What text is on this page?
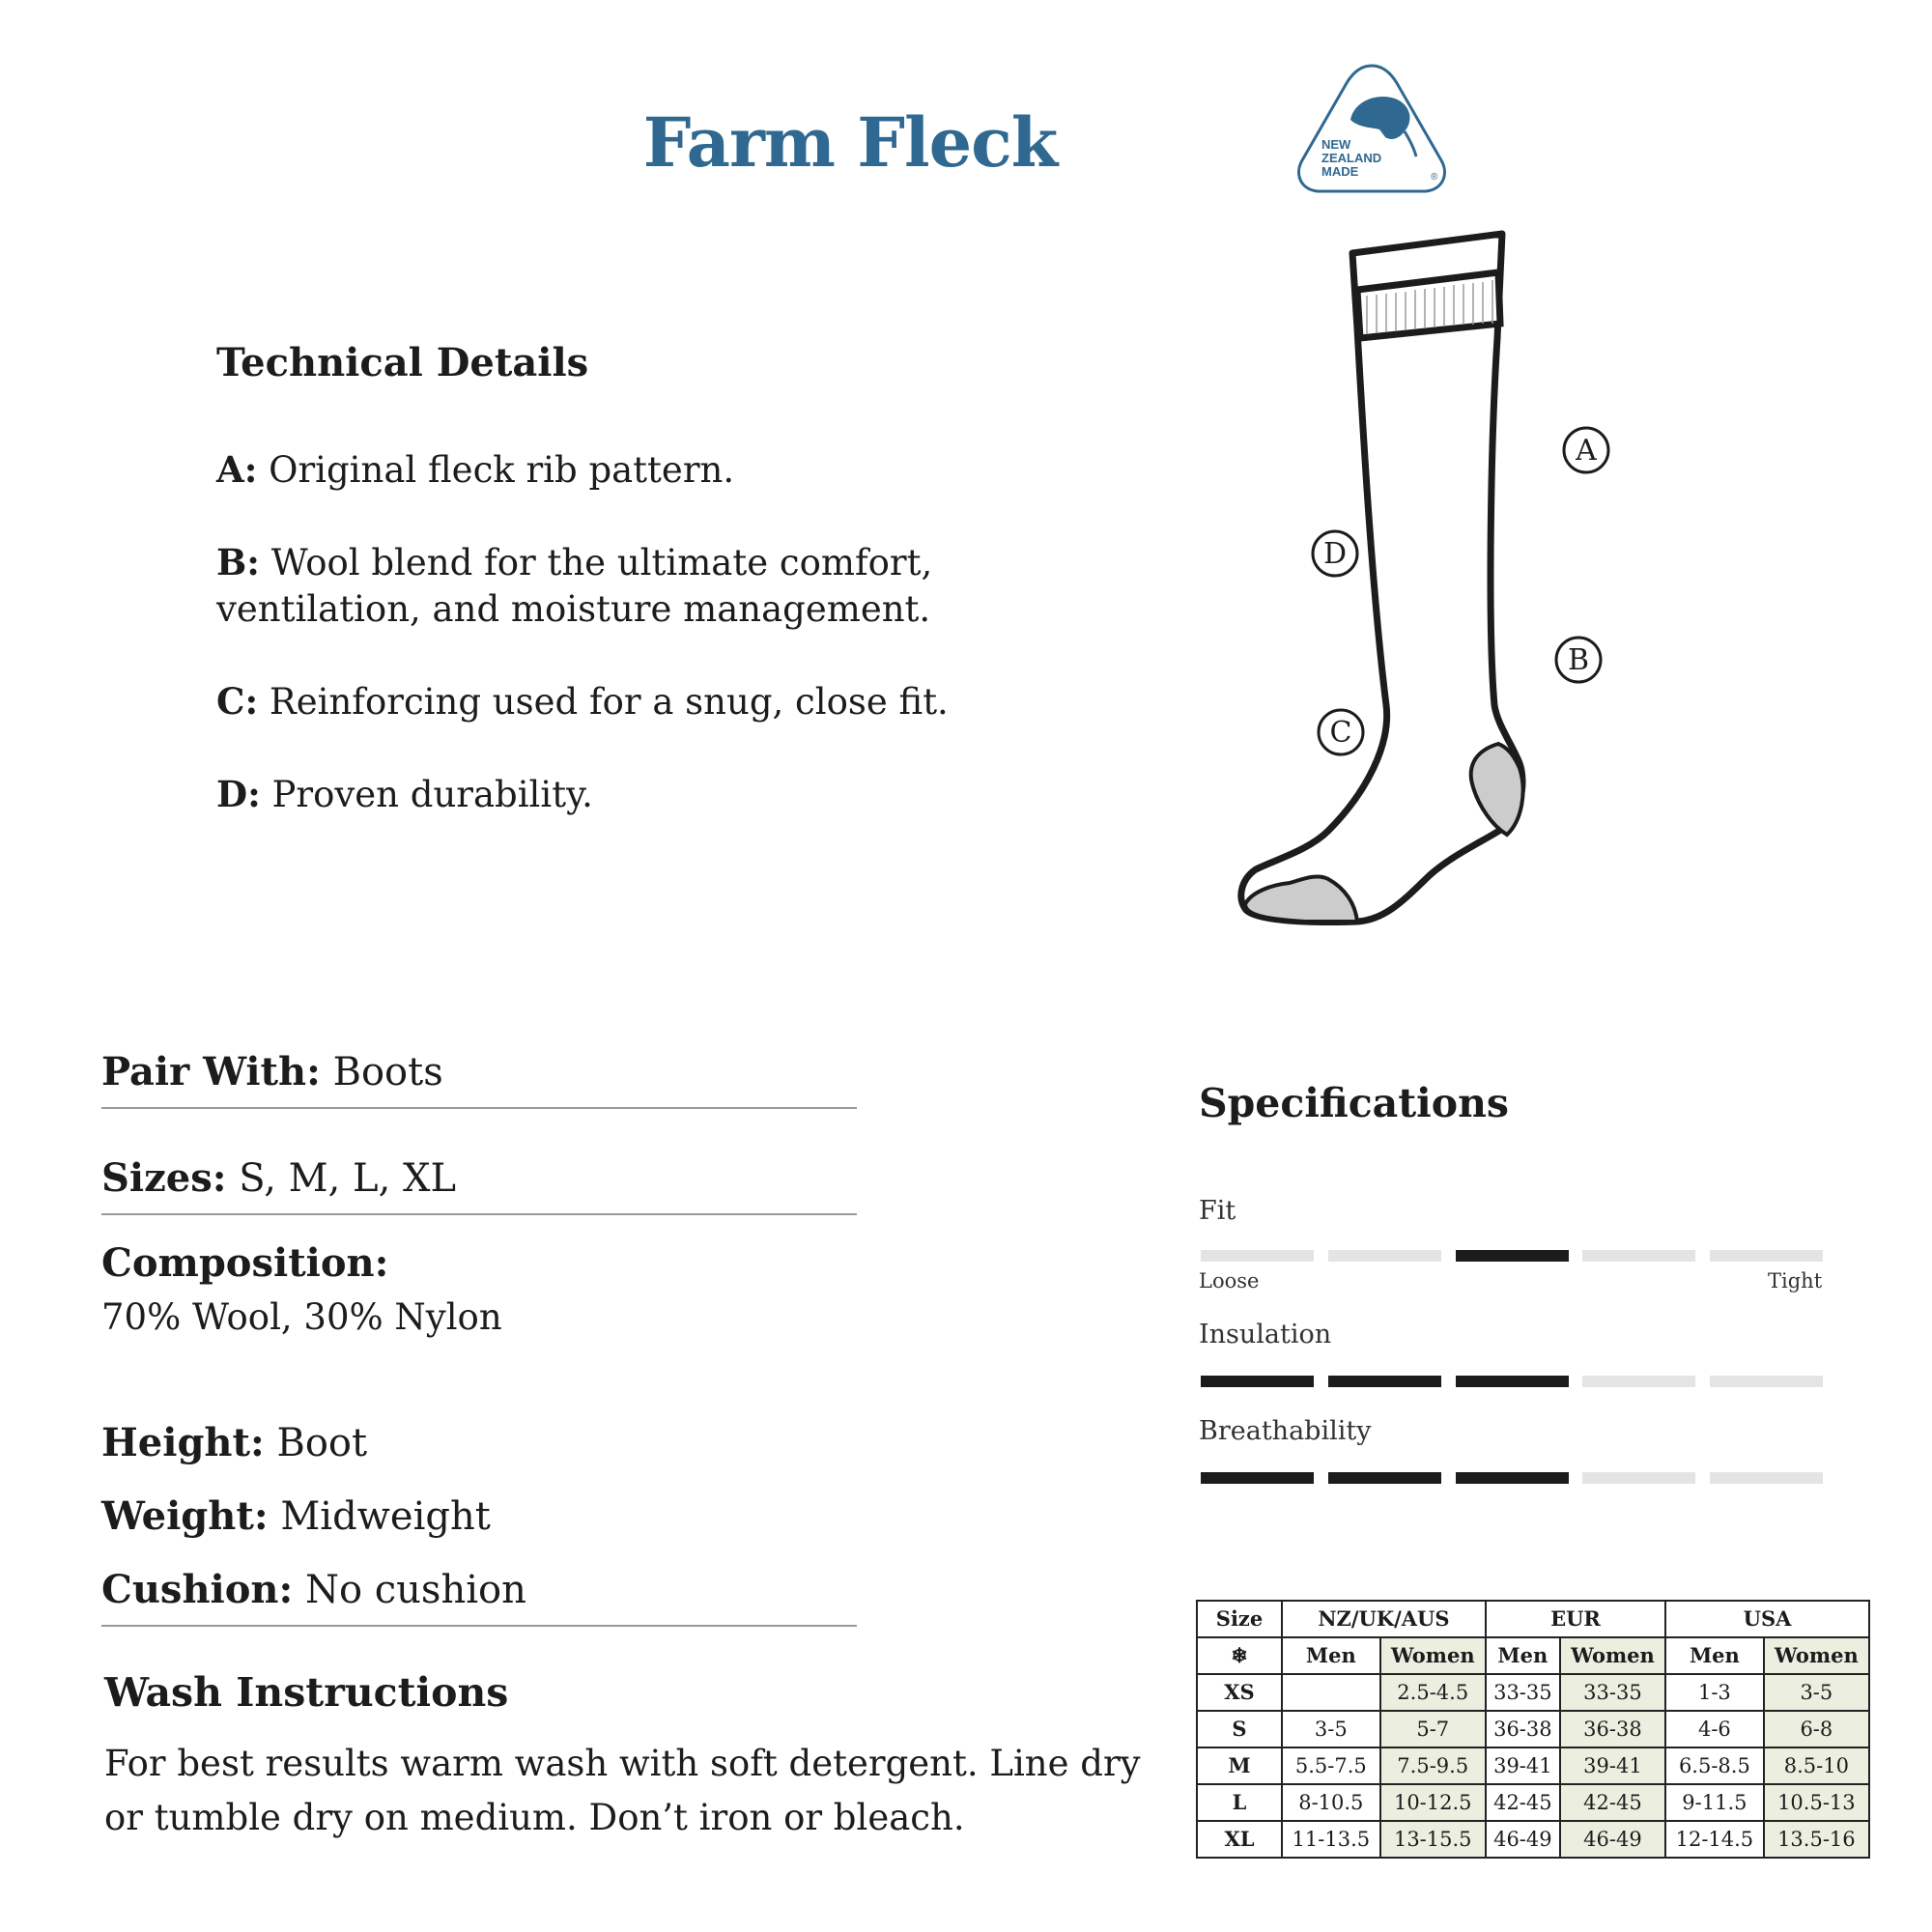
Farm Fleck	NEW
ZEALAND
MADE	®
A
D
B
C
Technical Details
A: Original fleck rib pattern.
B: Wool blend for the ultimate comfort, ventilation, and moisture management.
C: Reinforcing used for a snug, close fit.
D: Proven durability.
Pair With: Boots
Sizes: S, M, L, XL
Composition:
70% Wool, 30% Nylon
Height: Boot
Weight: Midweight
Cushion: No cushion
Wash Instructions
For best results warm wash with soft detergent. Line dry or tumble dry on medium. Don’t iron or bleach.
Specifications
Fit
Loose	Tight
Insulation
Breathability
Size	NZ/UK/AUS		EUR		USA	
❄	Men	Women	Men	Women	Men	Women
XS		2.5-4.5	33-35	33-35	1-3	3-5
S	3-5	5-7	36-38	36-38	4-6	6-8
M	5.5-7.5	7.5-9.5	39-41	39-41	6.5-8.5	8.5-10
L	8-10.5	10-12.5	42-45	42-45	9-11.5	10.5-13
XL	11-13.5	13-15.5	46-49	46-49	12-14.5	13.5-16
